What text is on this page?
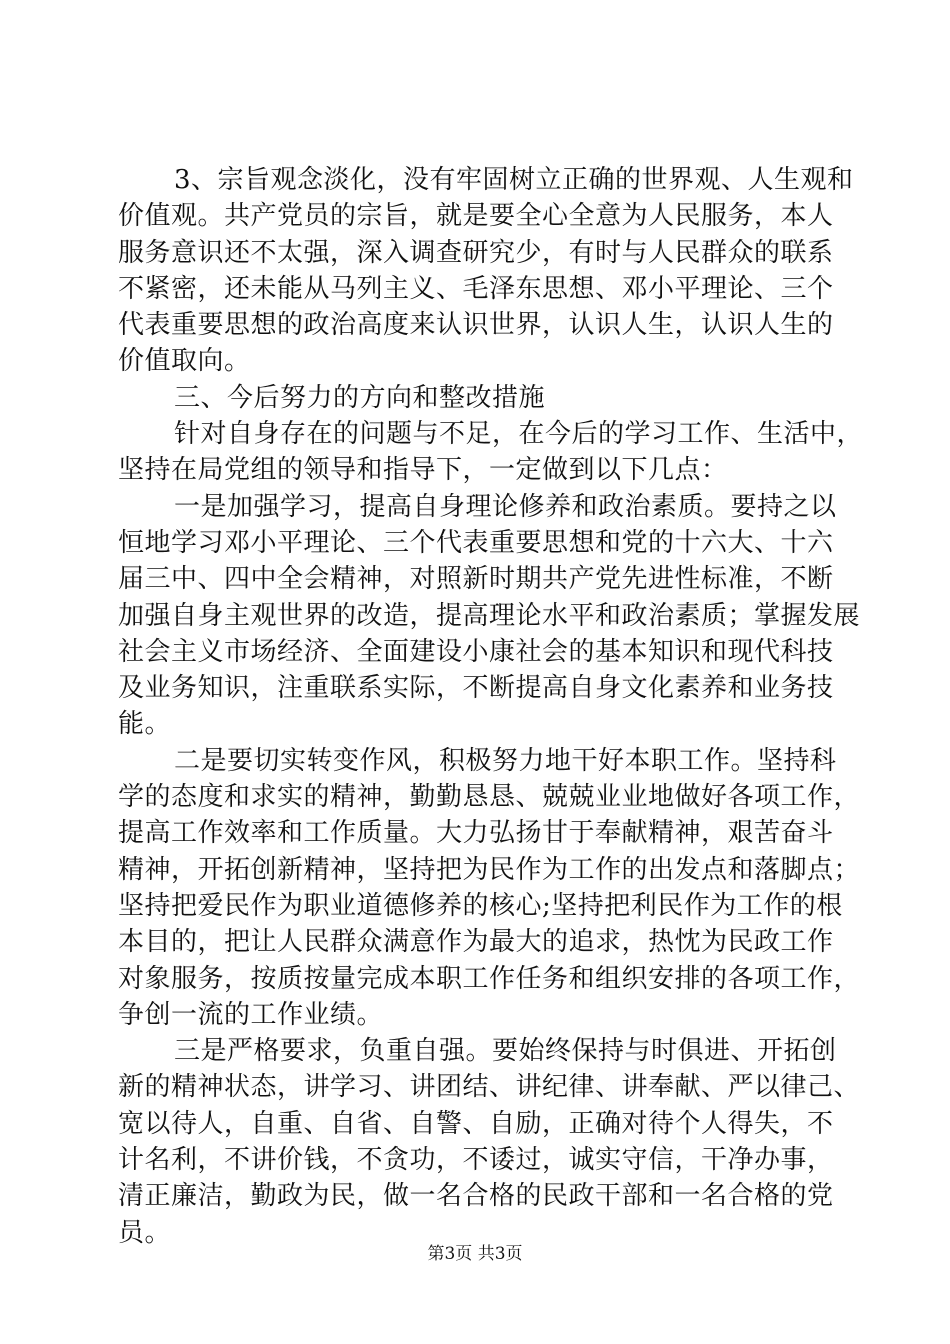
3、宗旨观念淡化，没有牢固树立正确的世界观、人生观和
价值观。共产党员的宗旨，就是要全心全意为人民服务，本人
服务意识还不太强，深入调查研究少，有时与人民群众的联系
不紧密，还未能从马列主义、毛泽东思想、邓小平理论、三个
代表重要思想的政治高度来认识世界，认识人生，认识人生的
价值取向。
三、今后努力的方向和整改措施
针对自身存在的问题与不足，在今后的学习工作、生活中，
坚持在局党组的领导和指导下，一定做到以下几点：
一是加强学习，提高自身理论修养和政治素质。要持之以
恒地学习邓小平理论、三个代表重要思想和党的十六大、十六
届三中、四中全会精神，对照新时期共产党先进性标准，不断
加强自身主观世界的改造，提高理论水平和政治素质；掌握发展
社会主义市场经济、全面建设小康社会的基本知识和现代科技
及业务知识，注重联系实际，不断提高自身文化素养和业务技
能。
二是要切实转变作风，积极努力地干好本职工作。坚持科
学的态度和求实的精神，勤勤恳恳、兢兢业业地做好各项工作，
提高工作效率和工作质量。大力弘扬甘于奉献精神，艰苦奋斗
精神，开拓创新精神，坚持把为民作为工作的出发点和落脚点；
坚持把爱民作为职业道德修养的核心;坚持把利民作为工作的根
本目的，把让人民群众满意作为最大的追求，热忱为民政工作
对象服务，按质按量完成本职工作任务和组织安排的各项工作，
争创一流的工作业绩。
三是严格要求，负重自强。要始终保持与时俱进、开拓创
新的精神状态，讲学习、讲团结、讲纪律、讲奉献、严以律己、
宽以待人，自重、自省、自警、自励，正确对待个人得失，不
计名利，不讲价钱，不贪功，不诿过，诚实守信，干净办事，
清正廉洁，勤政为民，做一名合格的民政干部和一名合格的党
员。
第3页 共3页
